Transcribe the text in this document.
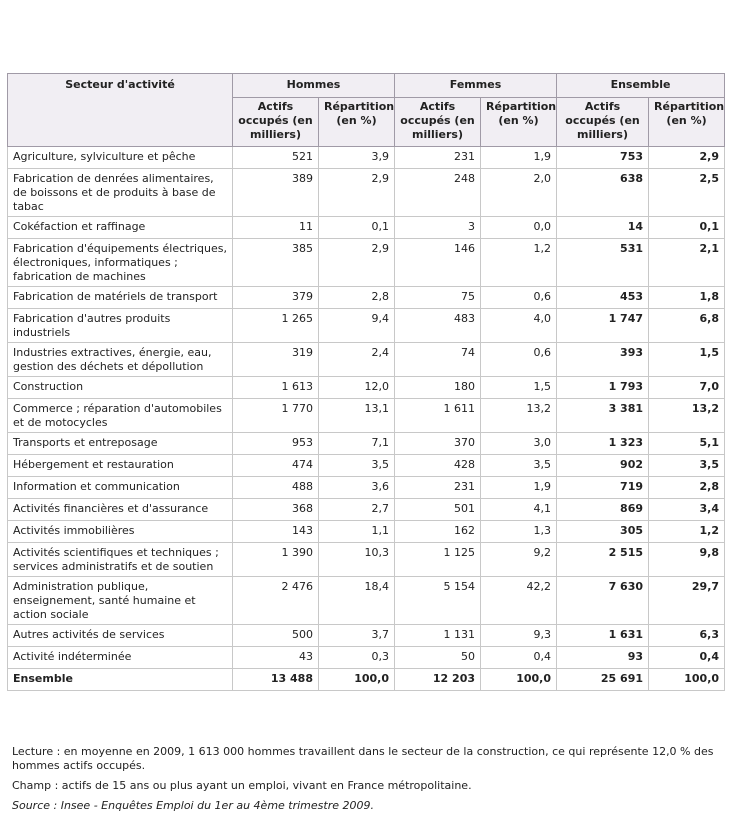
Secteur d'activité	Hommes		Femmes		Ensemble	
	Actifs occupés (en milliers)	Répartition (en %)	Actifs occupés (en milliers)	Répartition (en %)	Actifs occupés (en milliers)	Répartition (en %)
Agriculture, sylviculture et pêche	521	3,9	231	1,9	753	2,9
Fabrication de denrées alimentaires, de boissons et de produits à base de tabac	389	2,9	248	2,0	638	2,5
Cokéfaction et raffinage	11	0,1	3	0,0	14	0,1
Fabrication d'équipements électriques, électroniques, informatiques ; fabrication de machines	385	2,9	146	1,2	531	2,1
Fabrication de matériels de transport	379	2,8	75	0,6	453	1,8
Fabrication d'autres produits industriels	1 265	9,4	483	4,0	1 747	6,8
Industries extractives, énergie, eau, gestion des déchets et dépollution	319	2,4	74	0,6	393	1,5
Construction	1 613	12,0	180	1,5	1 793	7,0
Commerce ; réparation d'automobiles et de motocycles	1 770	13,1	1 611	13,2	3 381	13,2
Transports et entreposage	953	7,1	370	3,0	1 323	5,1
Hébergement et restauration	474	3,5	428	3,5	902	3,5
Information et communication	488	3,6	231	1,9	719	2,8
Activités financières et d'assurance	368	2,7	501	4,1	869	3,4
Activités immobilières	143	1,1	162	1,3	305	1,2
Activités scientifiques et techniques ; services administratifs et de soutien	1 390	10,3	1 125	9,2	2 515	9,8
Administration publique, enseignement, santé humaine et action sociale	2 476	18,4	5 154	42,2	7 630	29,7
Autres activités de services	500	3,7	1 131	9,3	1 631	6,3
Activité indéterminée	43	0,3	50	0,4	93	0,4
Ensemble	13 488	100,0	12 203	100,0	25 691	100,0

Lecture : en moyenne en 2009, 1 613 000 hommes travaillent dans le secteur de la construction, ce qui représente 12,0 % des hommes actifs occupés.

Champ : actifs de 15 ans ou plus ayant un emploi, vivant en France métropolitaine.

Source : Insee - Enquêtes Emploi du 1er au 4ème trimestre 2009.
